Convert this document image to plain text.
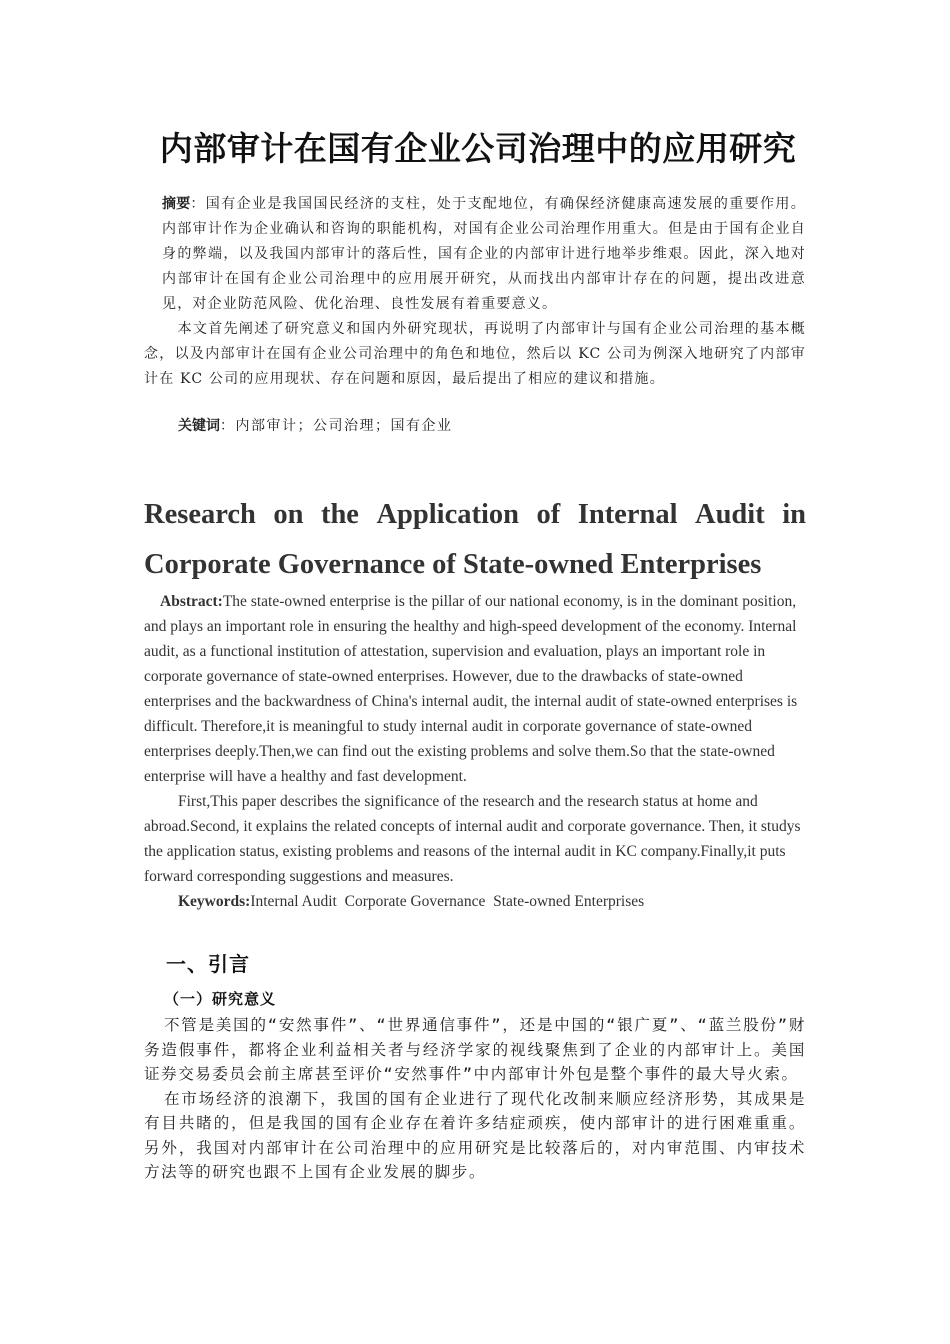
内部审计在国有企业公司治理中的应用研究

摘要：国有企业是我国国民经济的支柱，处于支配地位，有确保经济健康高速发展的重要作用。内部审计作为企业确认和咨询的职能机构，对国有企业公司治理作用重大。但是由于国有企业自身的弊端，以及我国内部审计的落后性，国有企业的内部审计进行地举步维艰。因此，深入地对内部审计在国有企业公司治理中的应用展开研究，从而找出内部审计存在的问题，提出改进意见，对企业防范风险、优化治理、良性发展有着重要意义。

本文首先阐述了研究意义和国内外研究现状，再说明了内部审计与国有企业公司治理的基本概念，以及内部审计在国有企业公司治理中的角色和地位，然后以 KC 公司为例深入地研究了内部审计在 KC 公司的应用现状、存在问题和原因，最后提出了相应的建议和措施。

关键词：内部审计；公司治理；国有企业
Research on the Application of Internal Audit in
Corporate Governance of State-owned Enterprises

Abstract:The state-owned enterprise is the pillar of our national economy, is in the dominant position, and plays an important role in ensuring the healthy and high-speed development of the economy. Internal audit, as a functional institution of attestation, supervision and evaluation, plays an important role in corporate governance of state-owned enterprises. However, due to the drawbacks of state-owned enterprises and the backwardness of China's internal audit, the internal audit of state-owned enterprises is difficult. Therefore,it is meaningful to study internal audit in corporate governance of state-owned enterprises deeply.Then,we can find out the existing problems and solve them.So that the state-owned enterprise will have a healthy and fast development.

First,This paper describes the significance of the research and the research status at home and abroad.Second, it explains the related concepts of internal audit and corporate governance. Then, it studys the application status, existing problems and reasons of the internal audit in KC company.Finally,it puts forward corresponding suggestions and measures.

Keywords:Internal Audit  Corporate Governance  State-owned Enterprises

一、引言
（一）研究意义

不管是美国的“安然事件”、“世界通信事件”，还是中国的“银广夏”、“蓝兰股份”财务造假事件，都将企业利益相关者与经济学家的视线聚焦到了企业的内部审计上。美国证券交易委员会前主席甚至评价“安然事件”中内部审计外包是整个事件的最大导火索。

在市场经济的浪潮下，我国的国有企业进行了现代化改制来顺应经济形势，其成果是有目共睹的，但是我国的国有企业存在着许多结症顽疾，使内部审计的进行困难重重。另外，我国对内部审计在公司治理中的应用研究是比较落后的，对内审范围、内审技术方法等的研究也跟不上国有企业发展的脚步。
